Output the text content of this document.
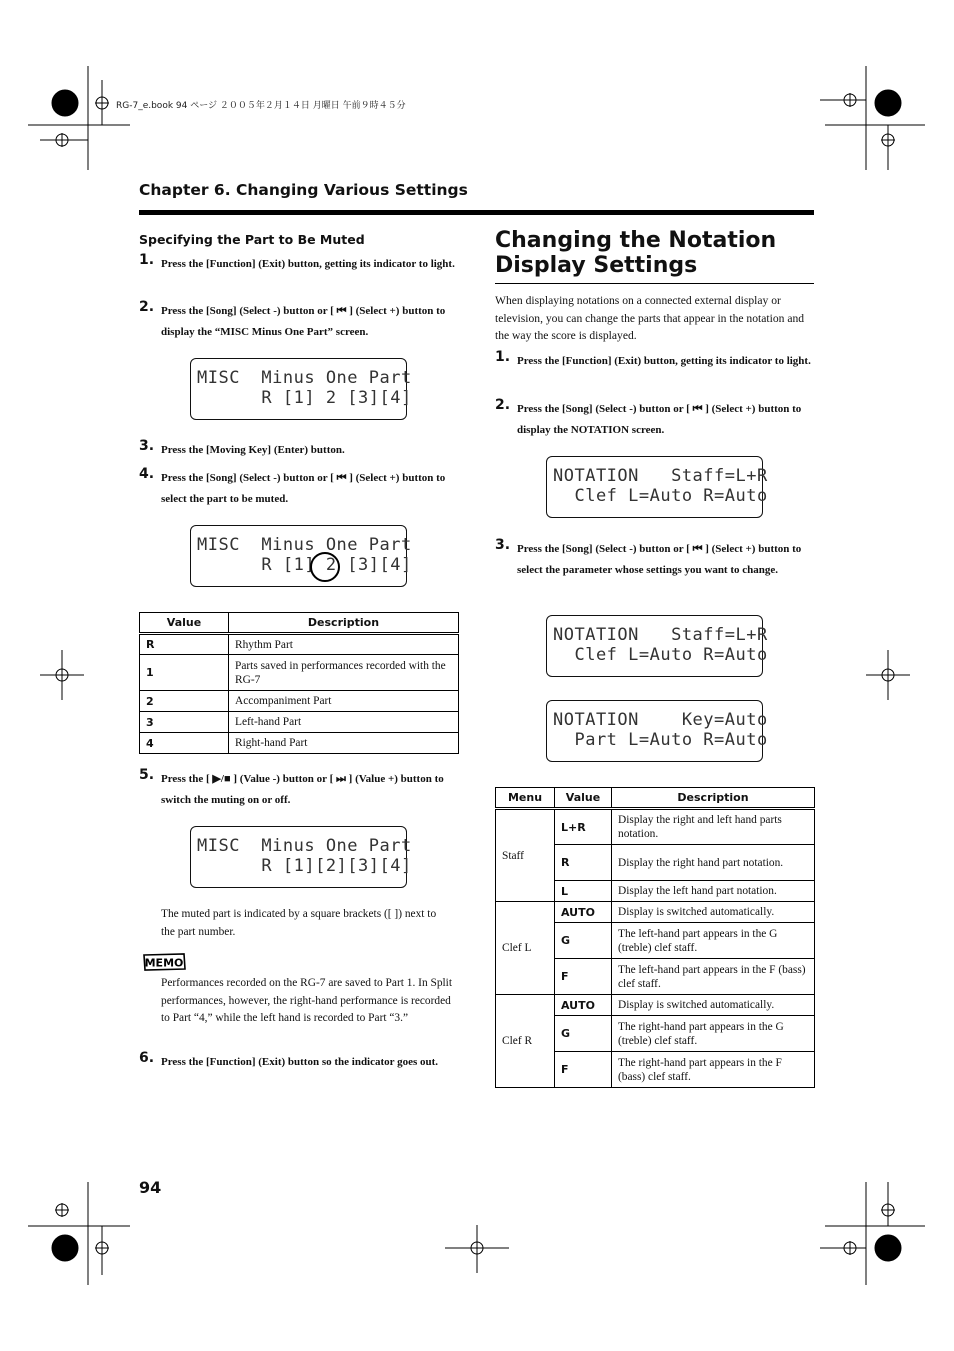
RG-7_e.book 94 ページ ２００５年２月１４日 月曜日 午前９時４５分
Chapter 6. Changing Various Settings
Specifying the Part to Be Muted
1. Press the [Function] (Exit) button, getting its indicator to light.
2. Press the [Song] (Select -) button or [ ⏮ ] (Select +) button to display the “MISC Minus One Part” screen.
MISC  Minus One Part
R [1] 2 [3][4]
3. Press the [Moving Key] (Enter) button.
4. Press the [Song] (Select -) button or [ ⏮ ] (Select +) button to select the part to be muted.
MISC  Minus One Part
R [1] 2 [3][4]
Value	Description
R	Rhythm Part
1	Parts saved in performances recorded with the RG-7
2	Accompaniment Part
3	Left-hand Part
4	Right-hand Part
5. Press the [ ▶/■ ] (Value -) button or [ ⏭ ] (Value +) button to switch the muting on or off.
MISC  Minus One Part
R [1][2][3][4]
The muted part is indicated by a square brackets ([ ]) next to the part number.
MEMO
Performances recorded on the RG-7 are saved to Part 1. In Split performances, however, the right-hand performance is recorded to Part “4,” while the left hand is recorded to Part “3.”
6. Press the [Function] (Exit) button so the indicator goes out.
Changing the Notation Display Settings
When displaying notations on a connected external display or television, you can change the parts that appear in the notation and the way the score is displayed.
1. Press the [Function] (Exit) button, getting its indicator to light.
2. Press the [Song] (Select -) button or [ ⏮ ] (Select +) button to display the NOTATION screen.
NOTATION   Staff=L+R
Clef L=Auto R=Auto
3. Press the [Song] (Select -) button or [ ⏮ ] (Select +) button to select the parameter whose settings you want to change.
NOTATION   Staff=L+R
Clef L=Auto R=Auto
NOTATION    Key=Auto
Part L=Auto R=Auto
Menu	Value	Description
Staff	L+R	Display the right and left hand parts notation.
	R	Display the right hand part notation.
	L	Display the left hand part notation.
Clef L	AUTO	Display is switched automatically.
	G	The left-hand part appears in the G (treble) clef staff.
	F	The left-hand part appears in the F (bass) clef staff.
Clef R	AUTO	Display is switched automatically.
	G	The right-hand part appears in the G (treble) clef staff.
	F	The right-hand part appears in the F (bass) clef staff.
94
